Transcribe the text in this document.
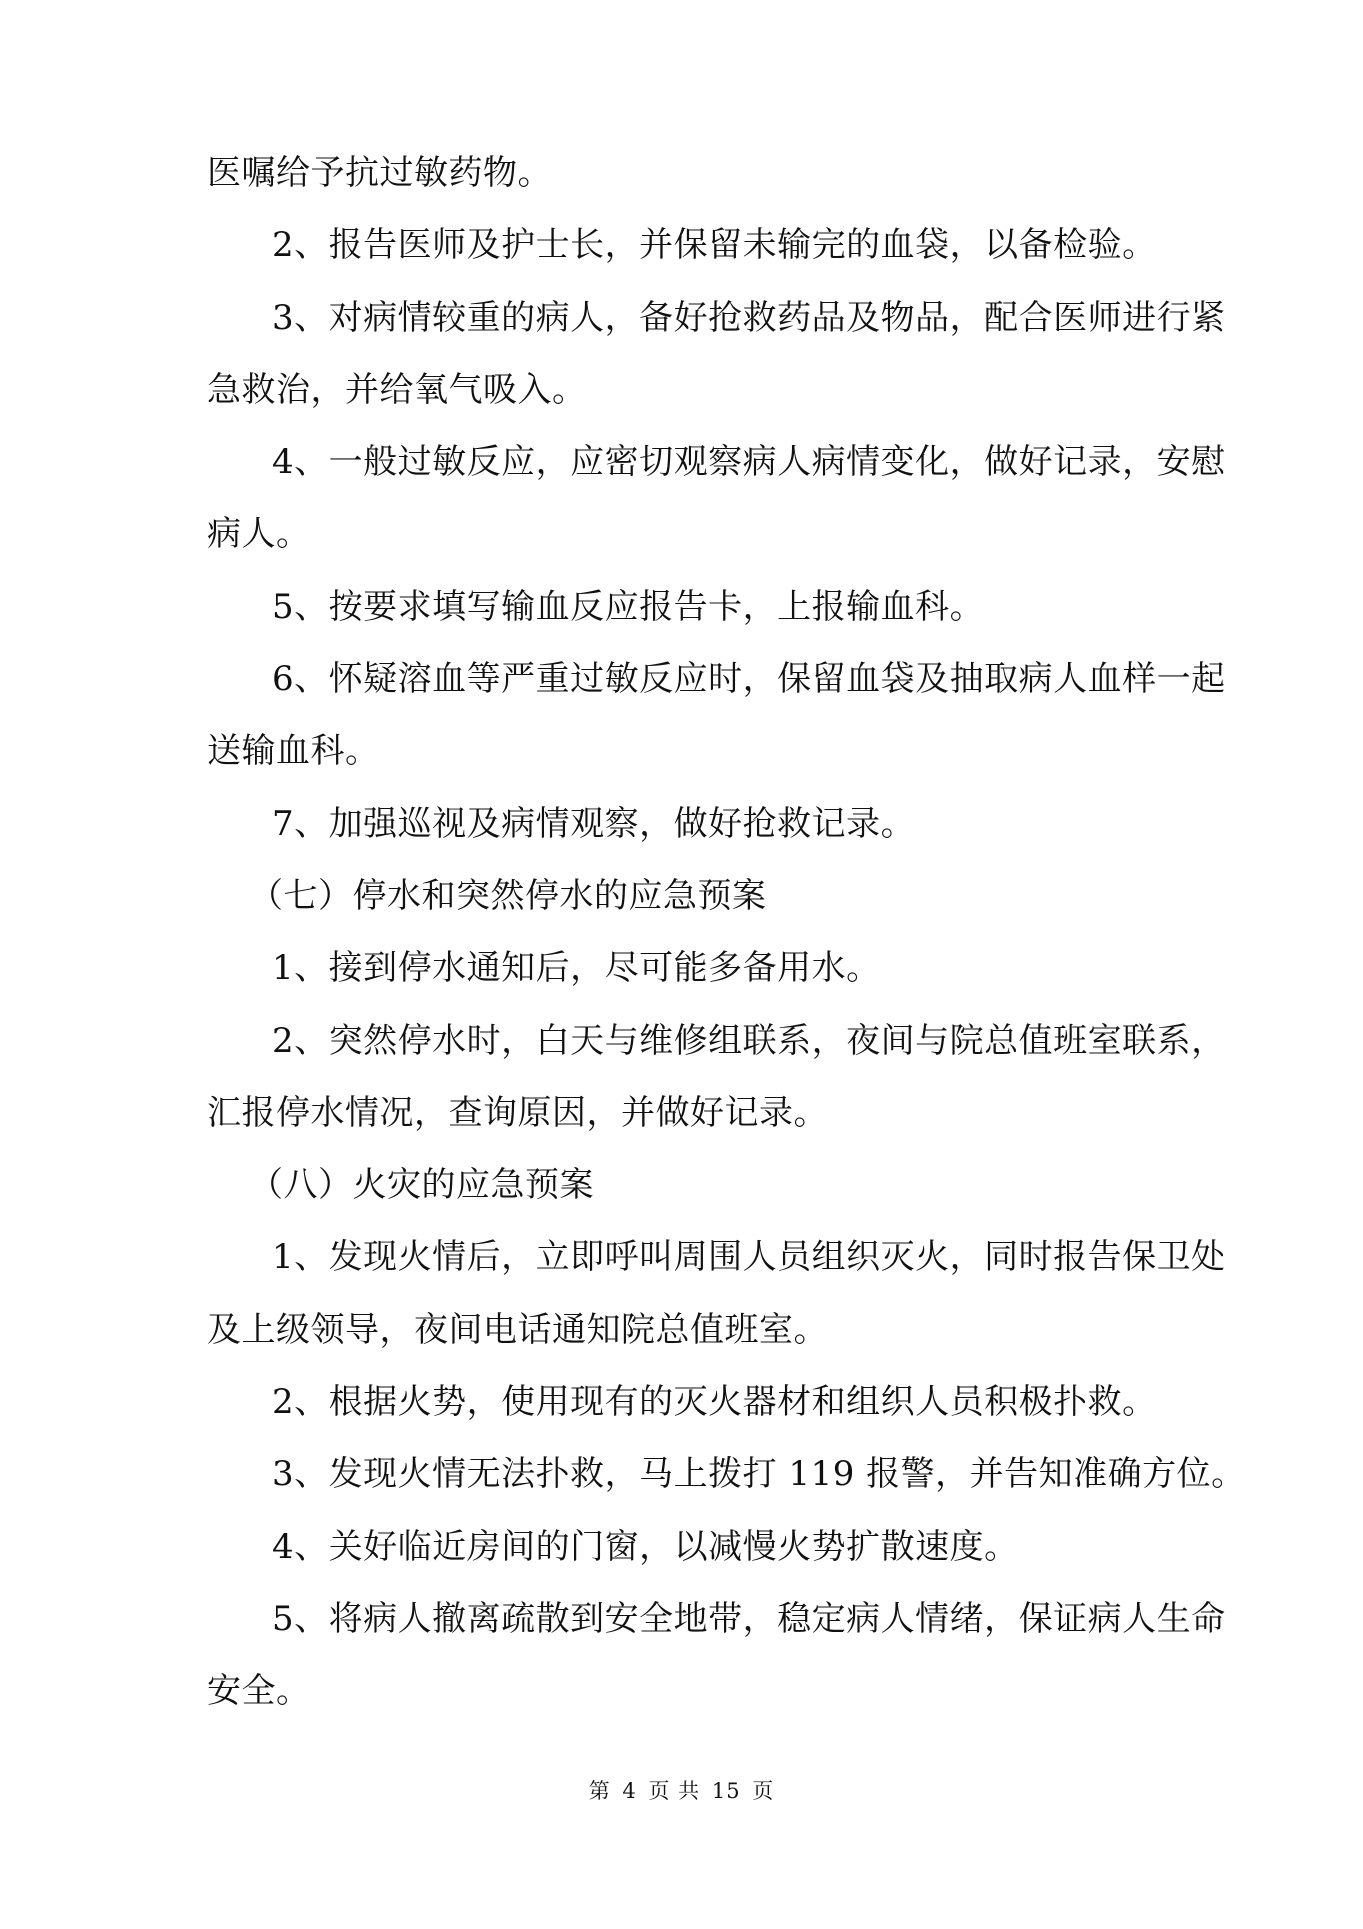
医嘱给予抗过敏药物。
2、报告医师及护士长，并保留未输完的血袋，以备检验。
3、对病情较重的病人，备好抢救药品及物品，配合医师进行紧
急救治，并给氧气吸入。
4、一般过敏反应，应密切观察病人病情变化，做好记录，安慰
病人。
5、按要求填写输血反应报告卡，上报输血科。
6、怀疑溶血等严重过敏反应时，保留血袋及抽取病人血样一起
送输血科。
7、加强巡视及病情观察，做好抢救记录。
（七）停水和突然停水的应急预案
1、接到停水通知后，尽可能多备用水。
2、突然停水时，白天与维修组联系，夜间与院总值班室联系，
汇报停水情况，查询原因，并做好记录。
（八）火灾的应急预案
1、发现火情后，立即呼叫周围人员组织灭火，同时报告保卫处
及上级领导，夜间电话通知院总值班室。
2、根据火势，使用现有的灭火器材和组织人员积极扑救。
3、发现火情无法扑救，马上拨打 119 报警，并告知准确方位。
4、关好临近房间的门窗，以减慢火势扩散速度。
5、将病人撤离疏散到安全地带，稳定病人情绪，保证病人生命
安全。
第 4 页 共 15 页
